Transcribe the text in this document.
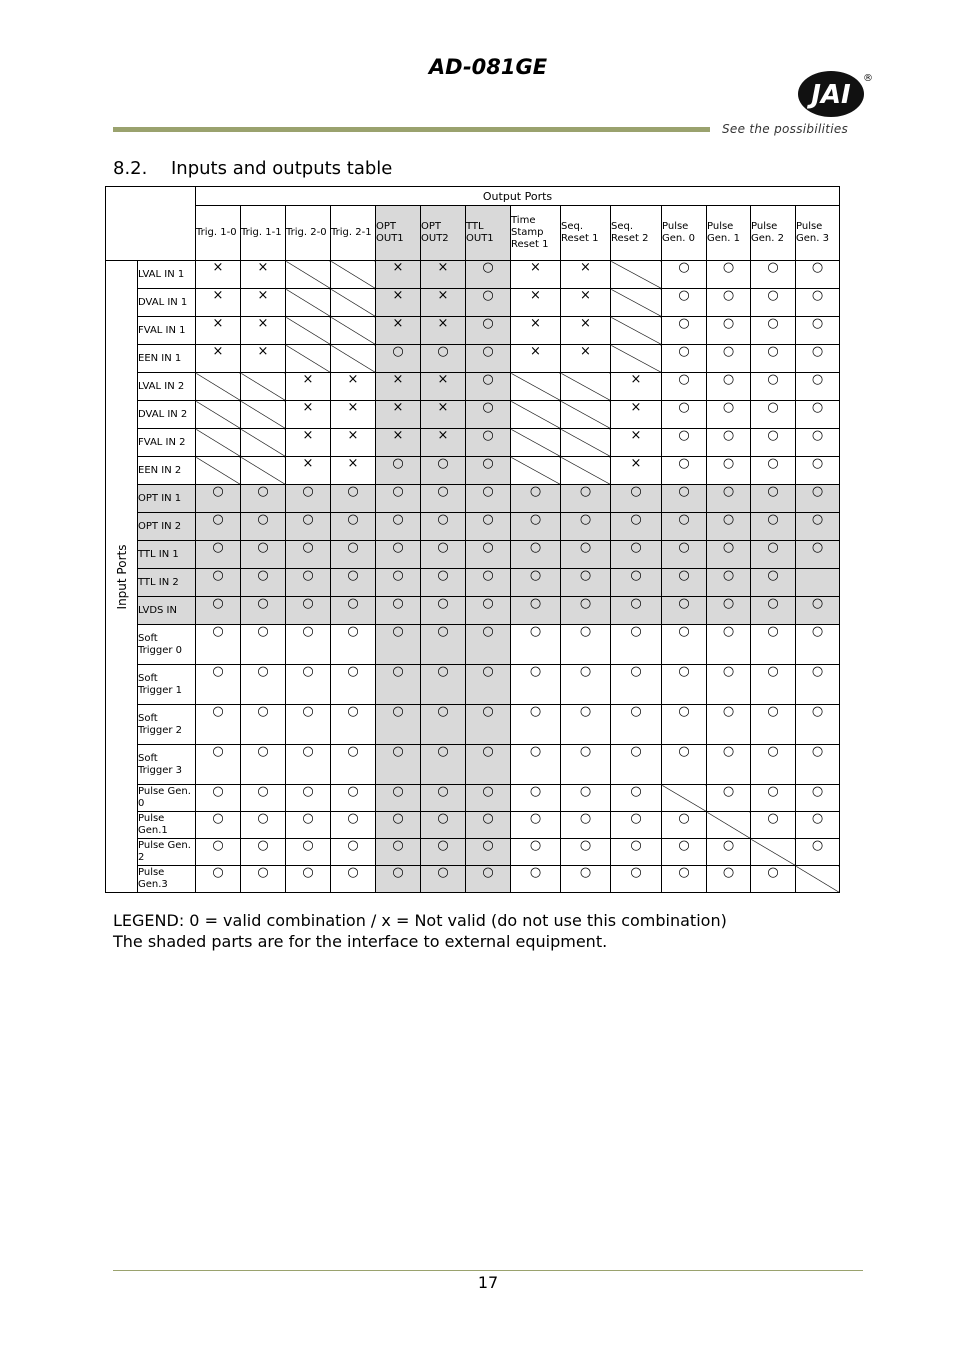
AD-081GE
JAI
®
See the possibilities
8.2. Inputs and outputs table
		Output Ports													
		Trig. 1-0	Trig. 1-1	Trig. 2-0	Trig. 2-1	OPT OUT1	OPT OUT2	TTL OUT1	Time Stamp Reset 1	Seq. Reset 1	Seq. Reset 2	Pulse Gen. 0	Pulse Gen. 1	Pulse Gen. 2	Pulse Gen. 3

Input Ports	LVAL IN 1	×	×			×	×	○	×	×		○	○	○	○
	DVAL IN 1	×	×			×	×	○	×	×		○	○	○	○
	FVAL IN 1	×	×			×	×	○	×	×		○	○	○	○
	EEN IN 1	×	×			○	○	○	×	×		○	○	○	○
	LVAL IN 2			×	×	×	×	○			×	○	○	○	○
	DVAL IN 2			×	×	×	×	○			×	○	○	○	○
	FVAL IN 2			×	×	×	×	○			×	○	○	○	○
	EEN IN 2			×	×	○	○	○			×	○	○	○	○
	OPT IN 1	○	○	○	○	○	○	○	○	○	○	○	○	○	○
	OPT IN 2	○	○	○	○	○	○	○	○	○	○	○	○	○	○
	TTL IN 1	○	○	○	○	○	○	○	○	○	○	○	○	○	○
	TTL IN 2	○	○	○	○	○	○	○	○	○	○	○	○	○	
	LVDS IN	○	○	○	○	○	○	○	○	○	○	○	○	○	○
	Soft Trigger 0	○	○	○	○	○	○	○	○	○	○	○	○	○	○
	Soft Trigger 1	○	○	○	○	○	○	○	○	○	○	○	○	○	○
	Soft Trigger 2	○	○	○	○	○	○	○	○	○	○	○	○	○	○
	Soft Trigger 3	○	○	○	○	○	○	○	○	○	○	○	○	○	○
	Pulse Gen. 0	○	○	○	○	○	○	○	○	○	○		○	○	○
	Pulse Gen.1	○	○	○	○	○	○	○	○	○	○	○		○	○
	Pulse Gen. 2	○	○	○	○	○	○	○	○	○	○	○	○		○
	Pulse Gen.3	○	○	○	○	○	○	○	○	○	○	○	○	○	
LEGEND: 0 = valid combination / x = Not valid (do not use this combination)
The shaded parts are for the interface to external equipment.
17
